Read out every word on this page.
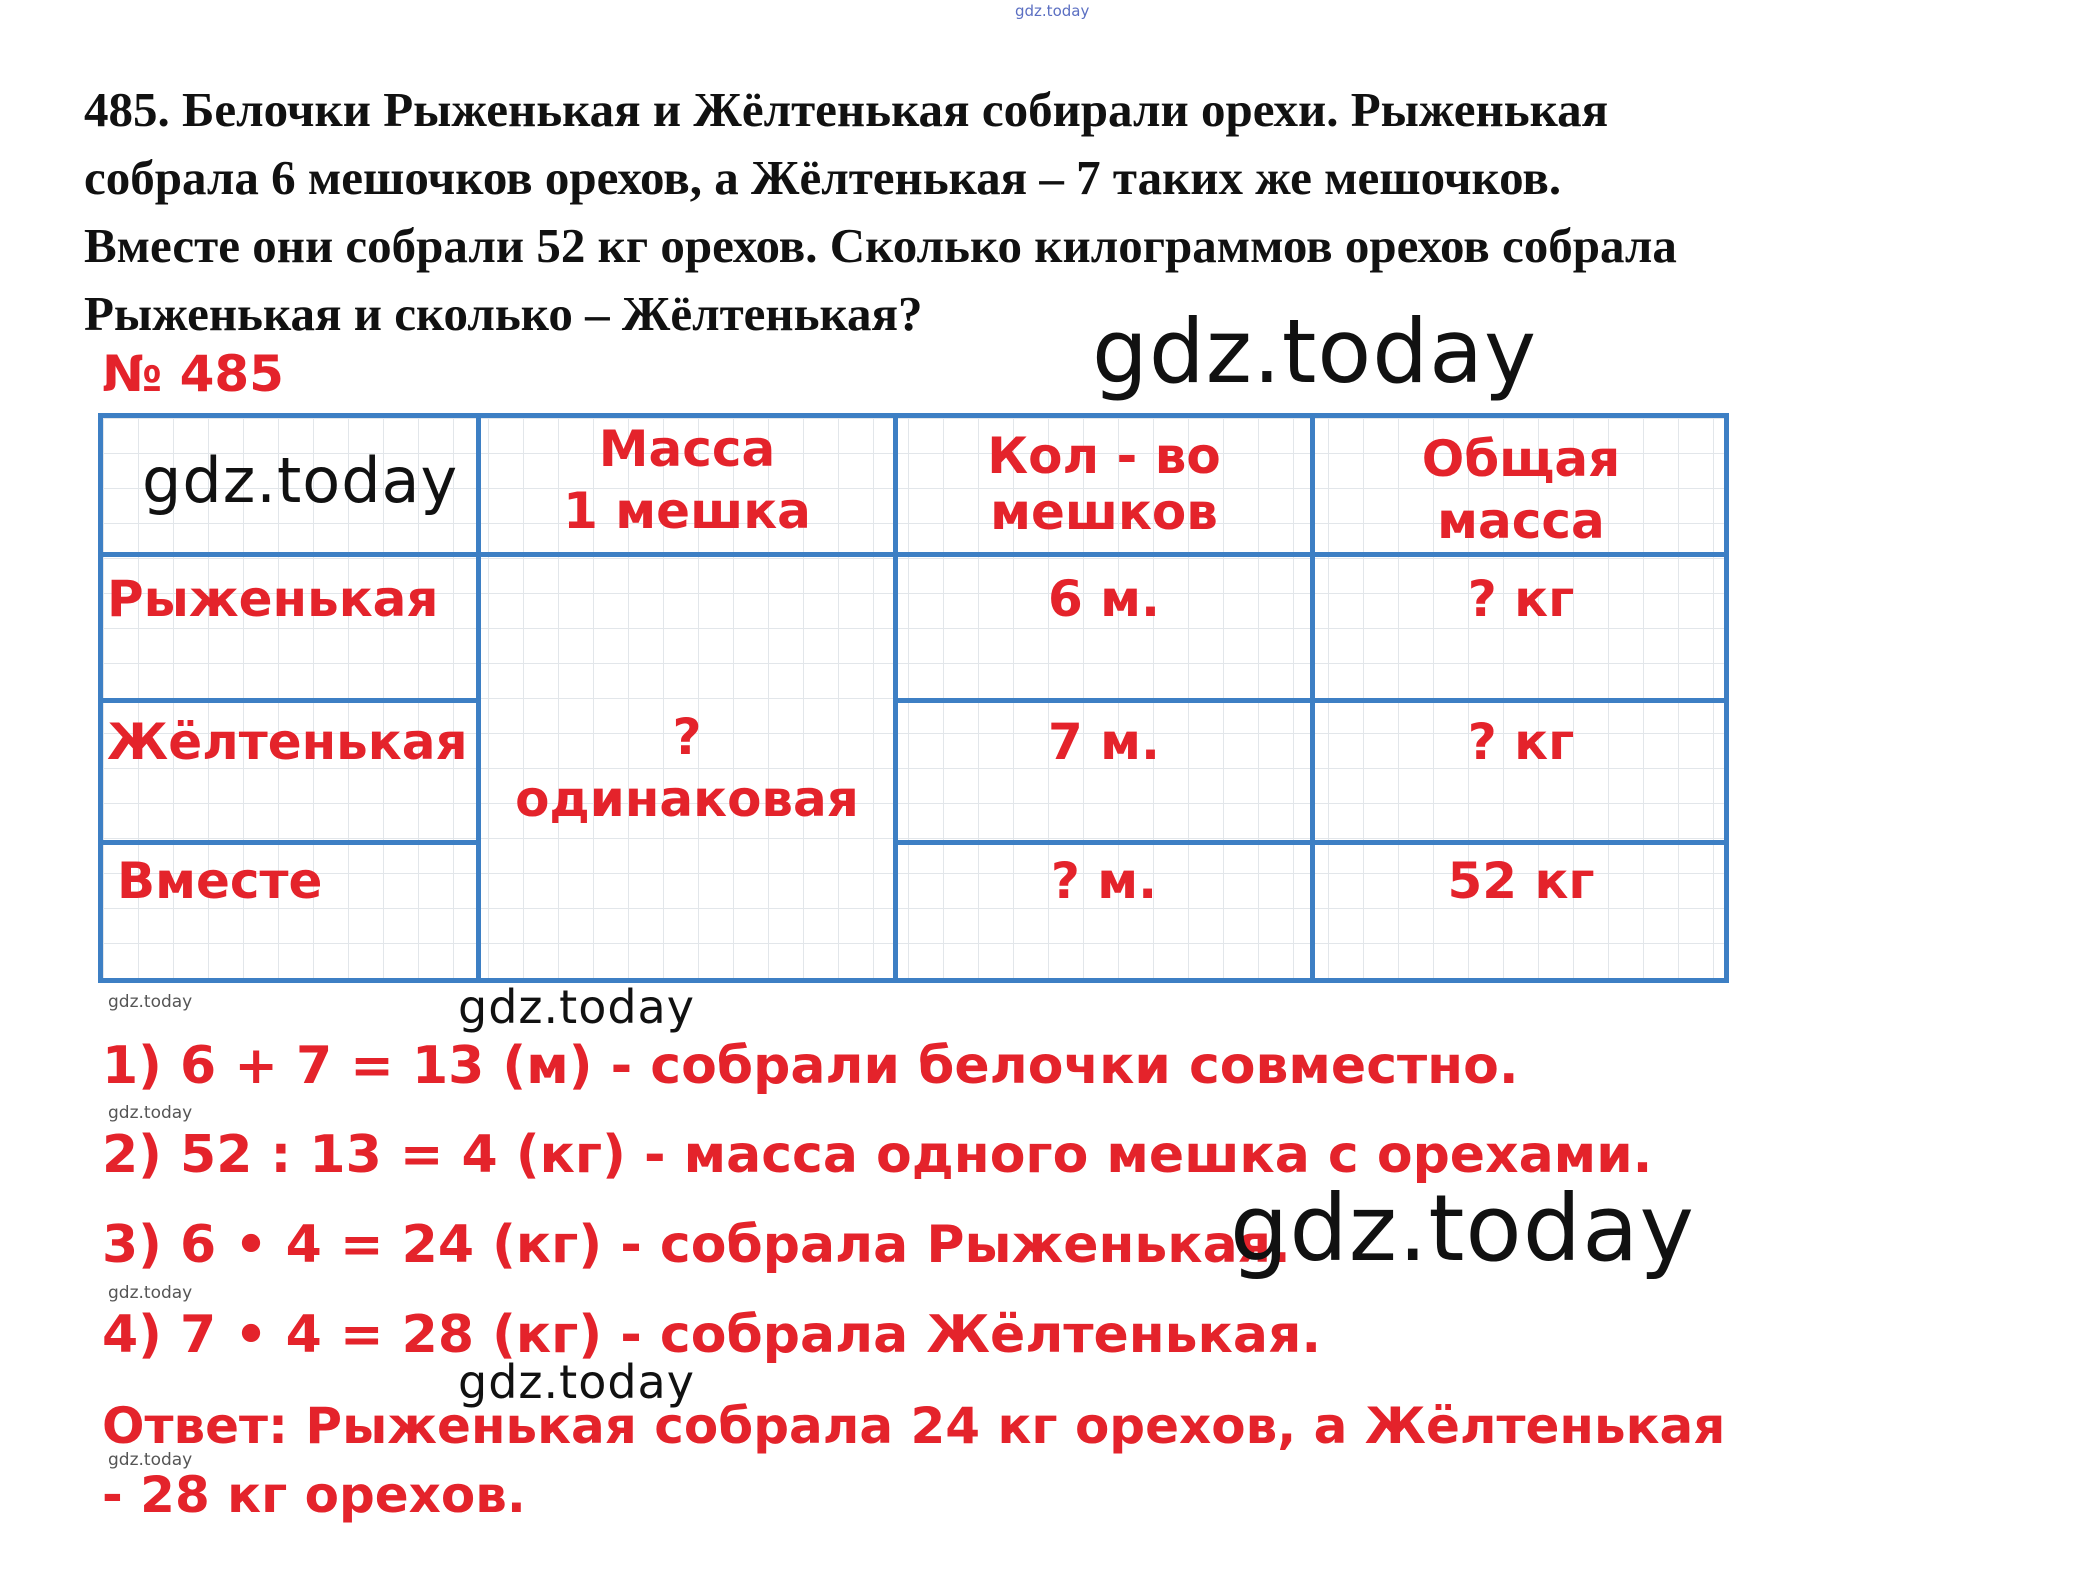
gdz.today
485. Белочки Рыженькая и Жёлтенькая собирали орехи. Рыженькая
собрала 6 мешочков орехов, а Жёлтенькая – 7 таких же мешочков.
Вместе они собрали 52 кг орехов. Сколько килограммов орехов собрала
Рыженькая и сколько – Жёлтенькая?
№ 485
Масса
1 мешка
Кол - во
мешков
Общая
масса
Рыженькая
Жёлтенькая
Вместе
?
одинаковая
6 м.
7 м.
? м.
? кг
? кг
52 кг
1) 6 + 7 = 13 (м) - собрали белочки совместно.
2) 52 : 13 = 4 (кг) - масса одного мешка с орехами.
3) 6 • 4 = 24 (кг) - собрала Рыженькая.
4) 7 • 4 = 28 (кг) - собрала Жёлтенькая.
Ответ: Рыженькая собрала 24 кг орехов, а Жёлтенькая
- 28 кг орехов.
gdz.today
gdz.today
gdz.today
gdz.today
gdz.today
gdz.today
gdz.today
gdz.today
gdz.today
